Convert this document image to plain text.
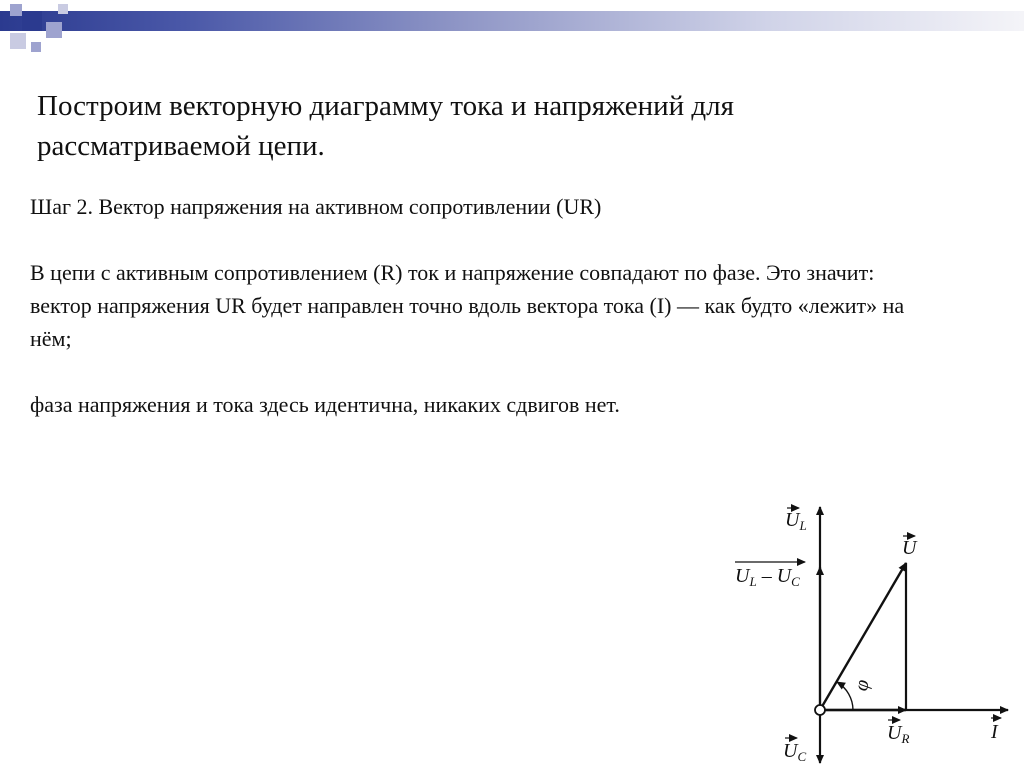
Построим векторную диаграмму тока и напряжений для рассматриваемой цепи.

Шаг 2. Вектор напряжения на активном сопротивлении (UR)

В цепи с активным сопротивлением (R) ток и напряжение совпадают по фазе. Это значит: вектор напряжения UR будет направлен точно вдоль вектора тока (I) — как будто «лежит» на нём;

фаза напряжения и тока здесь идентична, никаких сдвигов нет.

$U_L$
$U_L - U_C$
U
φ
$U_C$
$U_R$	I
